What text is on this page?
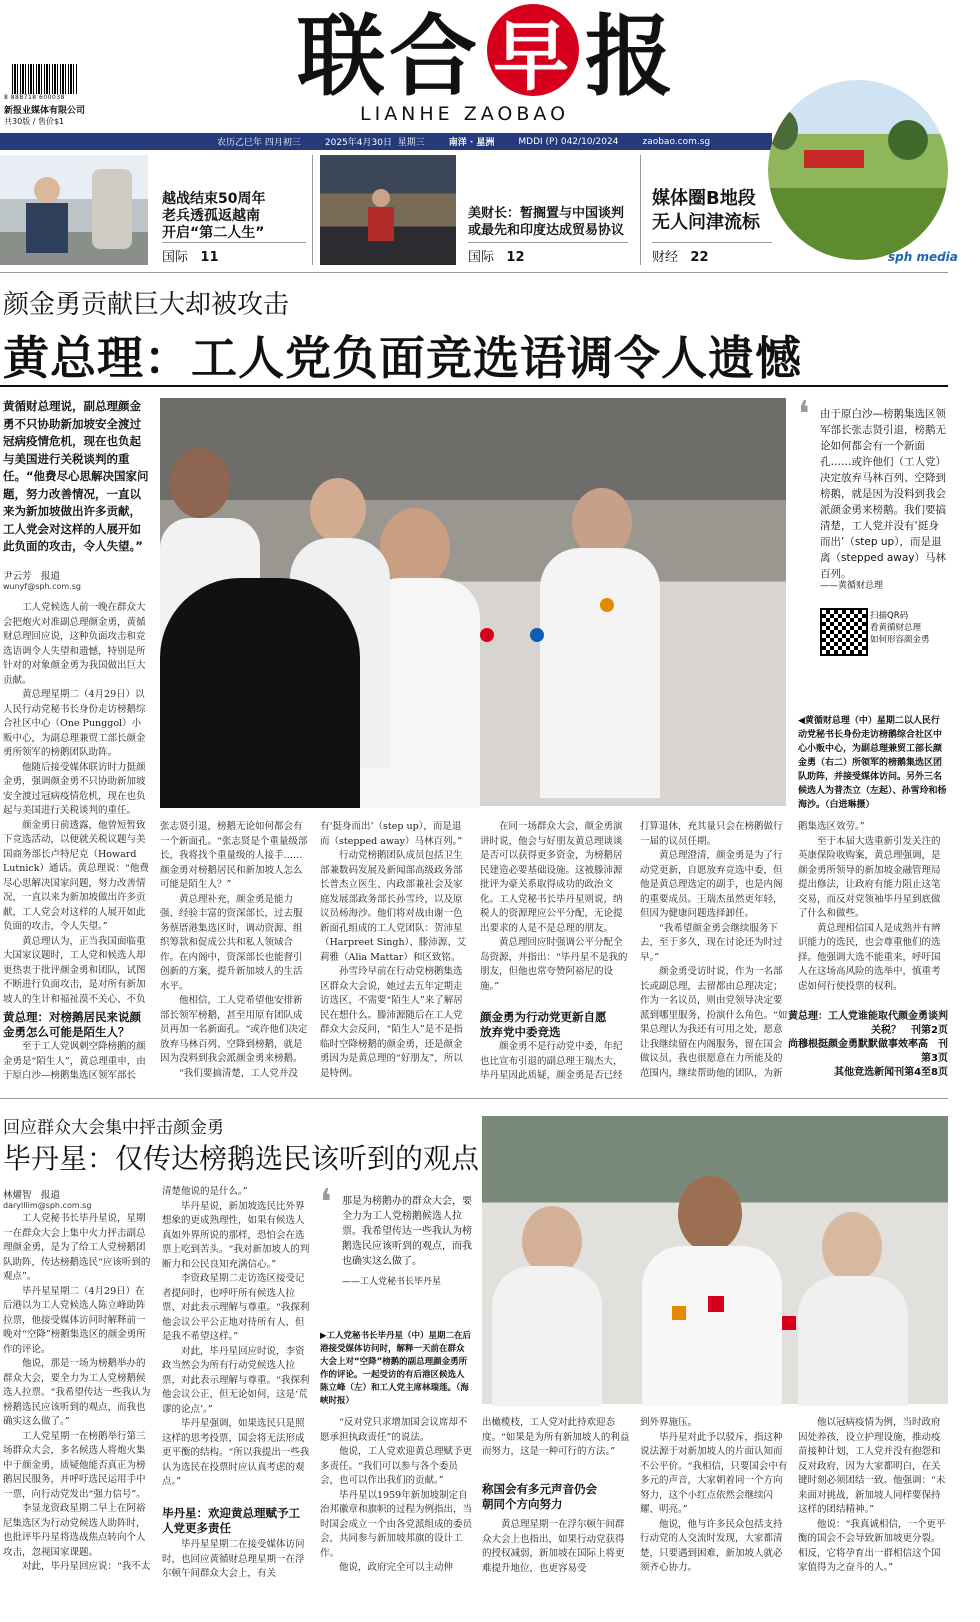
8 888718 600038
新报业媒体有限公司
共30版 / 售价$1
联 合 早 报
LIANHE ZAOBAO
农历乙巳年 四月初三	2025年4月30日 星期三	南洋 · 星洲	MDDI (P) 042/10/2024	zaobao.com.sg
越战结束50周年
老兵透孤返越南
开启“第二人生”
国际 11
美财长：暂搁置与中国谈判
或最先和印度达成贸易协议
国际 12
媒体圈B地段
无人问津流标
财经 22	sph media
颜金勇贡献巨大却被攻击
黄总理：工人党负面竞选语调令人遗憾
黄循财总理说，副总理颜金勇不只协助新加坡安全渡过冠病疫情危机，现在也负起与美国进行关税谈判的重任。“他费尽心思解决国家问题，努力改善情况，一直以来为新加坡做出许多贡献，工人党会对这样的人展开如此负面的攻击，令人失望。”
尹云芳　报道
wunyf@sph.com.sg
　　工人党候选人前一晚在群众大会把炮火对准副总理颜金勇，黄循财总理回应说，这种负面攻击和竞选语调令人失望和遗憾，特别是所针对的对象颜金勇为我国做出巨大贡献。
　　黄总理星期二（4月29日）以人民行动党秘书长身份走访榜鹅综合社区中心（One Punggol）小贩中心，为副总理兼贸工部长颜金勇所领军的榜鹅团队助阵。
　　他随后接受媒体联访时力挺颜金勇，强调颜金勇不只协助新加坡安全渡过冠病疫情危机，现在也负起与美国进行关税谈判的重任。
　　颜金勇日前透露，他曾短暂致下竞选活动，以便就关税议题与美国商务部长卢特尼克（Howard Lutnick）通话。黄总理说：“他费尽心思解决国家问题，努力改善情况，一直以来为新加坡做出许多贡献，工人党会对这样的人展开如此负面的攻击，令人失望。”
　　黄总理认为，正当我国面临重大国家议题时，工人党和候选人却更热衷于批评颜金勇和团队，试图不断进行负面攻击，是对所有新加坡人的生计和福祉漠不关心、不负
黄总理：对榜鹅居民来说颜金勇怎么可能是陌生人？
　　至于工人党讽刺空降榜鹅的颜金勇是“陌生人”，黄总理重申，由于原白沙—榜鹅集选区领军部长
❛ 由于原白沙—榜鹅集选区领军部长张志贤引退，榜鹅无论如何都会有一个新面孔……或许他们（工人党）决定放弃马林百列、空降到榜鹅，就是因为没料到我会派颜金勇来榜鹅。我们要搞清楚，工人党并没有‘挺身而出’（step up），而是退离（stepped away）马林百列。
——黄循财总理
扫描QR码
看黄循财总理
如何形容颜金勇
◀黄循财总理（中）星期二以人民行动党秘书长身份走访榜鹅综合社区中心小贩中心，为副总理兼贸工部长颜金勇（右二）所领军的榜鹅集选区团队助阵，并接受媒体访问。另外三名候选人为普杰立（左起）、孙雪玲和杨海沙。（白进琳摄）
张志贤引退，榜鹅无论如何都会有一个新面孔。“张志贤是个重量级部长，我将找个重量级的人接手……颜金勇对榜鹅居民和新加坡人怎么可能是陌生人？”
　　黄总理补充，颜金勇是能力强、经验丰富的资深部长，过去服务蔡厝港集选区时，调动资源、组织筹款和促成公共和私人领域合作。在内阁中，资深部长也能督引创新的方案，提升新加坡人的生活水平。
　　他相信，工人党希望他安排新部长领军榜鹅，甚至用原有团队成员再加一名新面孔。“或许他们决定放弃马林百列、空降到榜鹅，就是因为没料到我会派颜金勇来榜鹅。
　　“我们要搞清楚，工人党并没
有‘挺身而出’（step up），而是退而（stepped away）马林百列。”
　　行动党榜鹅团队成员包括卫生部兼数码发展及新闻部高级政务部长普杰立医生、内政部兼社会及家庭发展部政务部长孙雪玲，以及原议员杨海沙。他们将对战由谢一色新面孔组成的工人党团队：贺沛星（Harpreet Singh）、滕沛源、艾莉雅（Alia Mattar）和区致铭。
　　孙雪玲早前在行动党榜鹅集选区群众大会说，她过去五年定期走访选区，不需要“陌生人”来了解居民在想什么。滕沛源随后在工人党群众大会反问，“陌生人”是不是指临时空降榜鹅的颜金勇，还是颜金勇因为是黄总理的“好朋友”，所以是特例。
　　在同一场群众大会，颜金勇演讲时说，他会与好朋友黄总理谈谈是否可以获得更多资金，为榜鹅居民建造必要基础设施。这被滕沛源批评为豪关系取得成功的政治文化。工人党秘书长毕丹星则说，纳税人的资源理应公平分配，无论提出要求的人是不是总理的朋友。
　　黄总理回应时强调公平分配全岛资源，并指出：“毕丹星不是我的朋友，但他也常夸赞阿裕尼的设施。”
颜金勇为行动党更新自愿放弃党中委竞选
　　颜金勇不是行动党中委，年纪也比宣布引退的副总理王瑞杰大，毕丹星因此质疑，颜金勇是否已经
打算退休，充其量只会在榜鹅做行一届的议员任期。
　　黄总理澄清，颜金勇是为了行动党更新，自愿放弃竞选中委，但他是黄总理选定的副手，也是内阁的重要成员。王瑞杰虽然更年轻，但因为健康问题选择卸任。
　　“我希望颜金勇会继续服务下去，至于多久，现在讨论还为时过早。”
　　颜金勇受访时说，作为一名部长或副总理，去留都由总理决定；作为一名议员，则由党领导决定要派到哪里服务，扮演什么角色。“如果总理认为我还有可用之处，愿意让我继续留在内阁服务，留在国会做议员，我也很愿意在力所能及的范围内，继续帮助他的团队，为新
鹅集选区效劳。”
　　至于本届大选重新引发关注的英康保险收购案，黄总理强调，是颜金勇所领导的新加坡金融管理局提出修法，让政府有能力阻止这笔交易，而反对党领袖毕丹星到底做了什么和做些。
　　黄总理相信国人是成熟并有辨识能力的选民，也会尊重他们的选择。他强调大选不能重来，呼吁国人在这场高风险的选举中，慎重考虑如何行使投票的权利。
黄总理：工人党谁能取代颜金勇谈判关税？　刊第2页
尚穆根挺颜金勇默默做事效率高　刊第3页
其他竞选新闻刊第4至8页
回应群众大会集中抨击颜金勇
毕丹星：仅传达榜鹅选民该听到的观点
林燿智　报道
darylllim@sph.com.sg
　　工人党秘书长毕丹星说，星期一在群众大会上集中火力抨击副总理颜金勇，是为了给工人党榜鹅团队助阵，传达榜鹅选民“应该听到的观点”。
　　毕丹星星期二（4月29日）在后港以为工人党候选人陈立峰助阵拉票，他接受媒体访问时解释前一晚对“空降”榜鹅集选区的颜金勇所作的评论。
　　他说，那是一场为榜鹅举办的群众大会，要全力为工人党榜鹅候选人拉票。“我希望传达一些我认为榜鹅选民应该听到的观点，而我也确实这么做了。”
　　工人党星期一在榜鹅举行第三场群众大会，多名候选人将炮火集中于颜金勇，质疑他能否真正为榜鹅居民服务，并呼吁选民运用手中一票，向行动党发出“强力信号”。
　　李显龙资政星期二早上在阿裕尼集选区为行动党候选人助阵时，也批评毕丹星将选战焦点转向个人攻击，忽视国家课题。
　　对此，毕丹星回应说：“我不太
清楚他说的是什么。”
　　毕丹星说，新加坡选民比外界想象的更成熟理性，如果有候选人真如外界所说的那样，恐怕会在选票上吃到苦头。“我对新加坡人的判断力和公民良知充满信心。”
　　李资政星期二走访选区接受记者提问时，也呼吁所有候选人拉票、对此表示理解与尊重。“我探利他会议公平公正地对待所有人，但是我不希望这样。”
　　对此，毕丹星回应时说，李资政当然会为所有行动党候选人拉票，对此表示理解与尊重。“我探利他会议公正，但无论如何，这是‘荒谬的论点’。”
　　毕丹星强调，如果选民只是照这样的思考投票，国会将无法形成更平衡的结构。“所以我提出一些我认为选民在投票时应认真考虑的观点。”
毕丹星：欢迎黄总理赋予工人党更多责任
　　毕丹星星期二在接受媒体访问时，也回应黄循财总理星期一在浮尔顿午间群众大会上，有关
❛ 那是为榜鹅办的群众大会，要全力为工人党榜鹅候选人拉票。我希望传达一些我认为榜鹅选民应该听到的观点，而我也确实这么做了。
——工人党秘书长毕丹星
▶工人党秘书长毕丹星（中）星期二在后港接受媒体访问时，解释一天前在群众大会上对“空降”榜鹅的副总理颜金勇所作的评论。一起受访的有后港区候选人陈立峰（左）和工人党主席林瑞莲。（海峡时报）
　　“反对党只求增加国会议席却不愿承担执政责任”的说法。
　　他说，工人党欢迎黄总理赋予更多责任。“我们可以参与各个委员会，也可以作出我们的贡献。”
　　毕丹星以1959年新加坡制定自治邦徽章和旗帜的过程为例指出，当时国会成立一个由各党派组成的委员会，共同参与新加坡邦旗的设计工作。
　　他说，政府完全可以主动伸
出橄榄枝，工人党对此持欢迎态度。“如果是为所有新加坡人的利益而努力，这是一种可行的方法。”
称国会有多元声音仍会朝同个方向努力
　　黄总理星期一在浮尔顿午间群众大会上也指出，如果行动党获得的授权减弱，新加坡在国际上将更难提升地位，也更容易受
到外界施压。
　　毕丹星对此予以驳斥，指这种说法源于对新加坡人的片面认知而不公平价。“我相信，只要国会中有多元的声音，大家朝着同一个方向努力，这个小红点依然会继续闪耀、明亮。”
　　他说，他与许多民众包括支持行动党的人交流时发现，大家都清楚，只要遇到困难，新加坡人就必须齐心协力。
　　他以冠病疫情为例，当时政府因处养孩，设立护理设施，推动疫苗接种计划，工人党并没有抱怨和反对政府，因为大家都明白，在关键时刻必须团结一致。他强调：“未来面对挑战，新加坡人同样要保持这样的团结精神。”
　　他说：“我真诚相信，一个更平衡的国会不会导致新加坡更分裂。相反，它将孕育出一群相信这个国家值得为之奋斗的人。”
